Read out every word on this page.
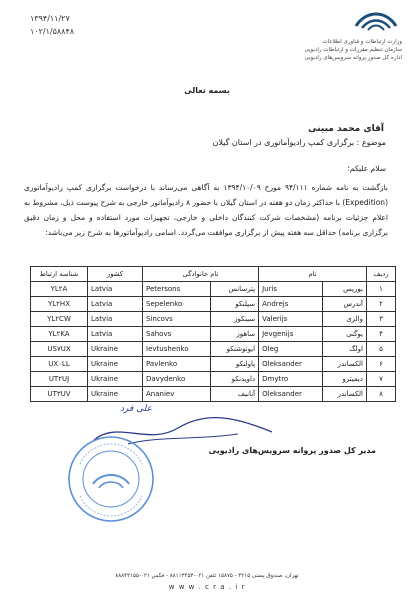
۱۳۹۴/۱۱/۲۷
۱۰۲/۱/۵۸۸۴۸
وزارت ارتباطات و فناوری اطلاعات
سازمان تنظیم مقررات و ارتباطات رادیویی
اداره کل صدور پروانه سرویس‌های رادیویی
بسمه تعالی
آقای محمد مبینی
موضوع : برگزاری کمپ رادیوآماتوری در استان گیلان
سلام علیکم؛
بازگشت به نامه شماره ۹۴/۱۱۱ مورخ ۱۳۹۴/۱۰/۰۹ به آگاهی می‌رساند با درخواست برگزاری کمپ رادیوآماتوری (Expedition) با حداکثر زمان دو هفته در استان گیلان با حضور ۸ رادیوآماتور خارجی به شرح پیوست ذیل، مشروط به اعلام جزئیات برنامه (مشخصات شرکت کنندگان داخلی و خارجی، تجهیزات مورد استفاده و محل و زمان دقیق برگزاری برنامه) حداقل سه هفته پیش از برگزاری موافقت می‌گردد. اسامی رادیوآماتورها به شرح زیر می‌باشد:
ردیف	نام		نام خانوادگی		کشور	شناسه ارتباط
۱	یوریس	Juris	پترسانس	Petersons	Latvia	YL۲A
۲	آندرس	Andrejs	سپلنکو	Sepelenko	Latvia	YL۲HX
۳	والری	Valerijs	سینکوز	Sincovs	Latvia	YL۲CW
۴	یوگنی	Jevgenijs	ساهوز	Sahovs	Latvia	YL۲KA
۵	اولگ	Oleg	ایوتوشنکو	Ievtushenko	Ukraine	US۷UX
۶	الکساندر	Oleksander	پاولنکو	Pavlenko	Ukraine	UX۰LL
۷	دیمیترو	Dmytro	داویدنکو	Davydenko	Ukraine	UT۲UJ
۸	الکساندر	Oleksander	آنانیف	Ananiev	Ukraine	UT۳UV
علی فرد
مدیر کل صدور پروانه سرویس‌های رادیویی
تهران، صندوق پستی ۴۲۱۵ - ۱۵۸۷۵ تلفن ۰۲۱-۸۸۱۱۳۴۵۳ - فکس ۰۲۱-۸۸۸۴۲۱۵۵
w w w . c r a . i r
